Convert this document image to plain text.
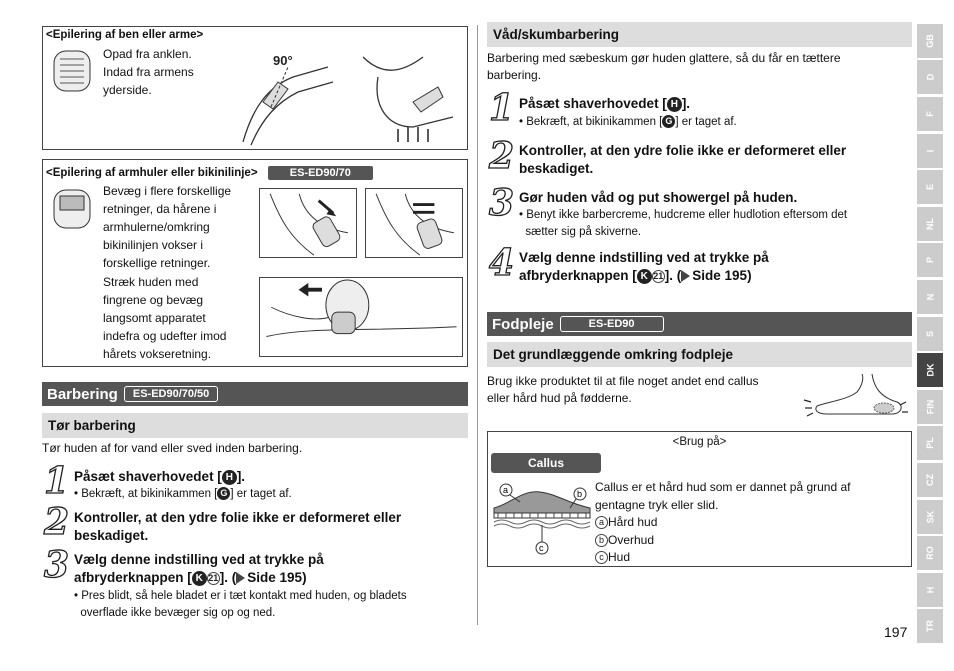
<Epilering af ben eller arme>
Opad fra anklen.
Indad fra armens
yderside.
90°
<Epilering af armhuler eller bikinilinje>	ES-ED90/70
Bevæg i flere forskellige
retninger, da hårene i
armhulerne/omkring
bikinilinjen vokser i
forskellige retninger.
Stræk huden med
fingrene og bevæg
langsomt apparatet
indefra og udefter imod
hårets vokseretning.
Barbering	ES-ED90/70/50
Tør barbering
Tør huden af for vand eller sved inden barbering.
1 Påsæt shaverhovedet [ H ].
• Bekræft, at bikinikammen [ G ] er taget af.
2 Kontroller, at den ydre folie ikke er deformeret eller
beskadiget.
3 Vælg denne indstilling ved at trykke på
afbryderknappen [ K 21 ]. ( Side 195)
• Pres blidt, så hele bladet er i tæt kontakt med huden, og bladets
overflade ikke bevæger sig op og ned.
Våd/skumbarbering
Barbering med sæbeskum gør huden glattere, så du får en tættere
barbering.
1 Påsæt shaverhovedet [ H ].
• Bekræft, at bikinikammen [ G ] er taget af.
2 Kontroller, at den ydre folie ikke er deformeret eller
beskadiget.
3 Gør huden våd og put showergel på huden.
• Benyt ikke barbercreme, hudcreme eller hudlotion eftersom det
sætter sig på skiverne.
4 Vælg denne indstilling ved at trykke på
afbryderknappen [ K 21 ]. ( Side 195)
Fodpleje	ES-ED90
Det grundlæggende omkring fodpleje
Brug ikke produktet til at file noget andet end callus
eller hård hud på fødderne.
<Brug på>
Callus
a	b
c
Callus er et hård hud som er dannet på grund af
gentagne tryk eller slid.
a Hård hud
b Overhud
c Hud
GB
D
F
I
E
NL
P
N
S
DK
FIN
PL
CZ
SK
RO
H
TR
197
